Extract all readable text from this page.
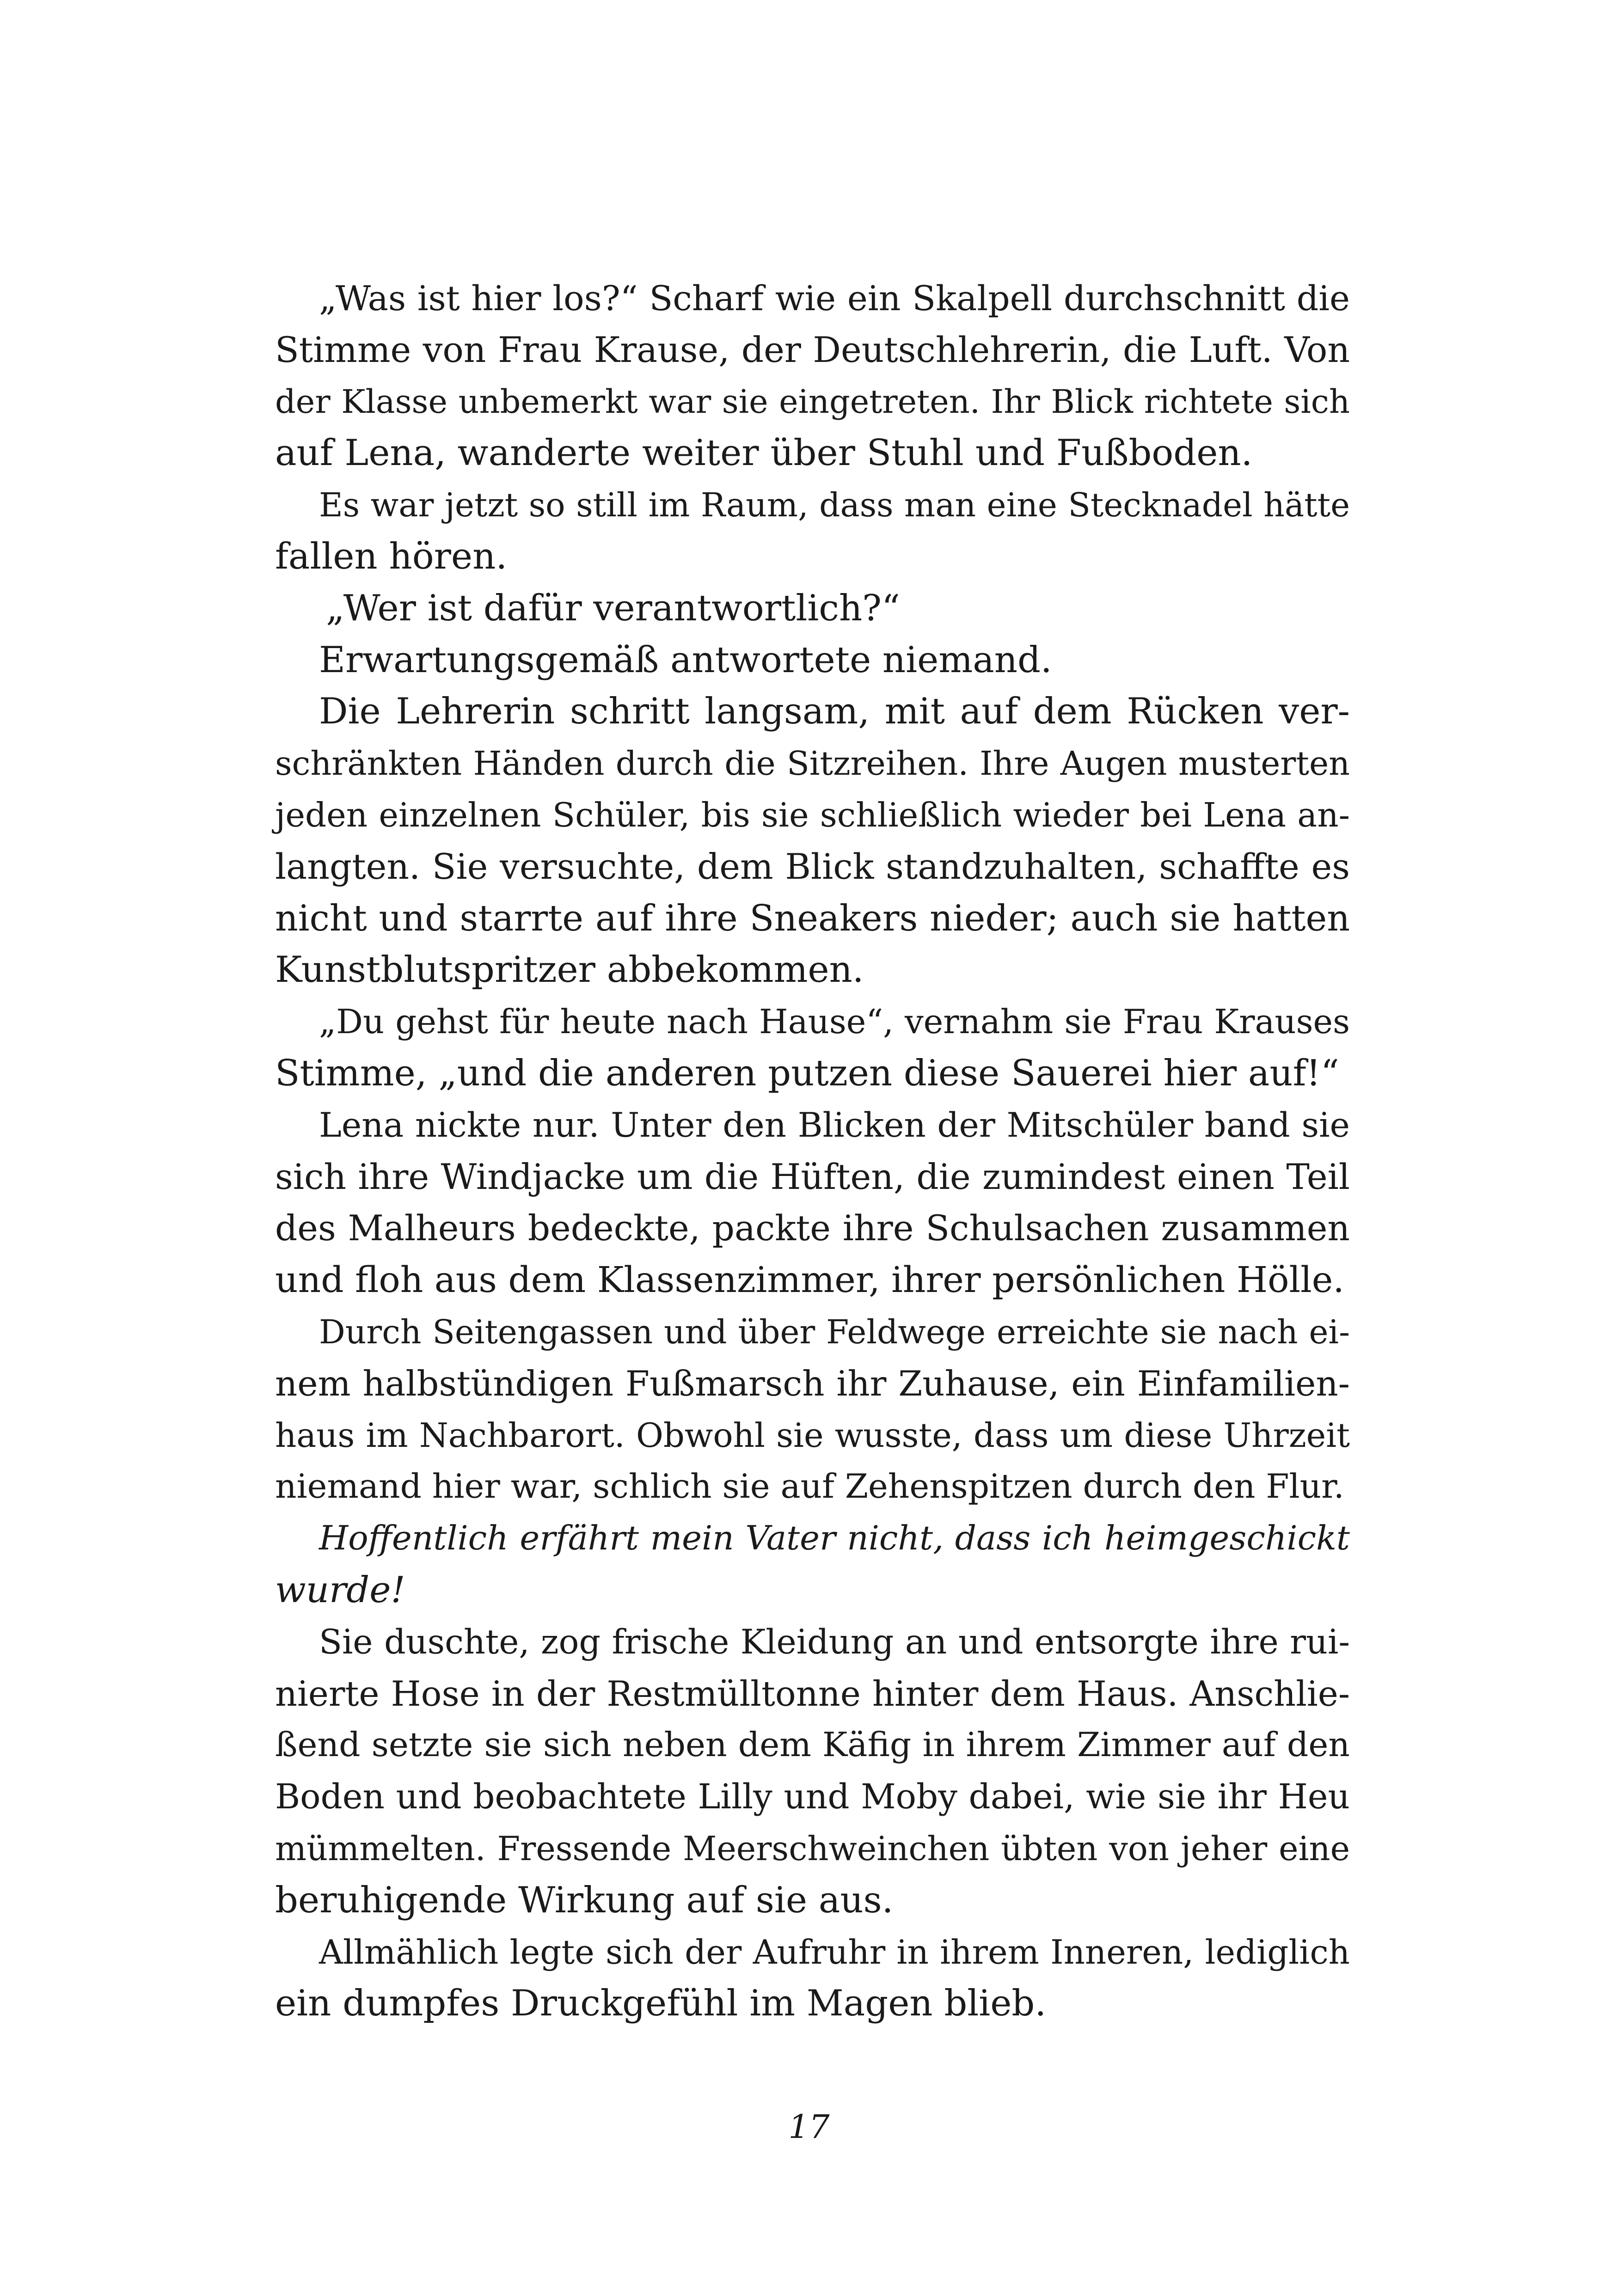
„Was ist hier los?“ Scharf wie ein Skalpell durchschnitt die
Stimme von Frau Krause, der Deutschlehrerin, die Luft. Von
der Klasse unbemerkt war sie eingetreten. Ihr Blick richtete sich
auf Lena, wanderte weiter über Stuhl und Fußboden.
Es war jetzt so still im Raum, dass man eine Stecknadel hätte
fallen hören.
„Wer ist dafür verantwortlich?“
Erwartungsgemäß antwortete niemand.
Die Lehrerin schritt langsam, mit auf dem Rücken ver-
schränkten Händen durch die Sitzreihen. Ihre Augen musterten
jeden einzelnen Schüler, bis sie schließlich wieder bei Lena an-
langten. Sie versuchte, dem Blick standzuhalten, schaffte es
nicht und starrte auf ihre Sneakers nieder; auch sie hatten
Kunstblutspritzer abbekommen.
„Du gehst für heute nach Hause“, vernahm sie Frau Krauses
Stimme, „und die anderen putzen diese Sauerei hier auf!“
Lena nickte nur. Unter den Blicken der Mitschüler band sie
sich ihre Windjacke um die Hüften, die zumindest einen Teil
des Malheurs bedeckte, packte ihre Schulsachen zusammen
und floh aus dem Klassenzimmer, ihrer persönlichen Hölle.
Durch Seitengassen und über Feldwege erreichte sie nach ei-
nem halbstündigen Fußmarsch ihr Zuhause, ein Einfamilien-
haus im Nachbarort. Obwohl sie wusste, dass um diese Uhrzeit
niemand hier war, schlich sie auf Zehenspitzen durch den Flur.
Hoffentlich erfährt mein Vater nicht, dass ich heimgeschickt
wurde!
Sie duschte, zog frische Kleidung an und entsorgte ihre rui-
nierte Hose in der Restmülltonne hinter dem Haus. Anschlie-
ßend setzte sie sich neben dem Käfig in ihrem Zimmer auf den
Boden und beobachtete Lilly und Moby dabei, wie sie ihr Heu
mümmelten. Fressende Meerschweinchen übten von jeher eine
beruhigende Wirkung auf sie aus.
Allmählich legte sich der Aufruhr in ihrem Inneren, lediglich
ein dumpfes Druckgefühl im Magen blieb.
17
